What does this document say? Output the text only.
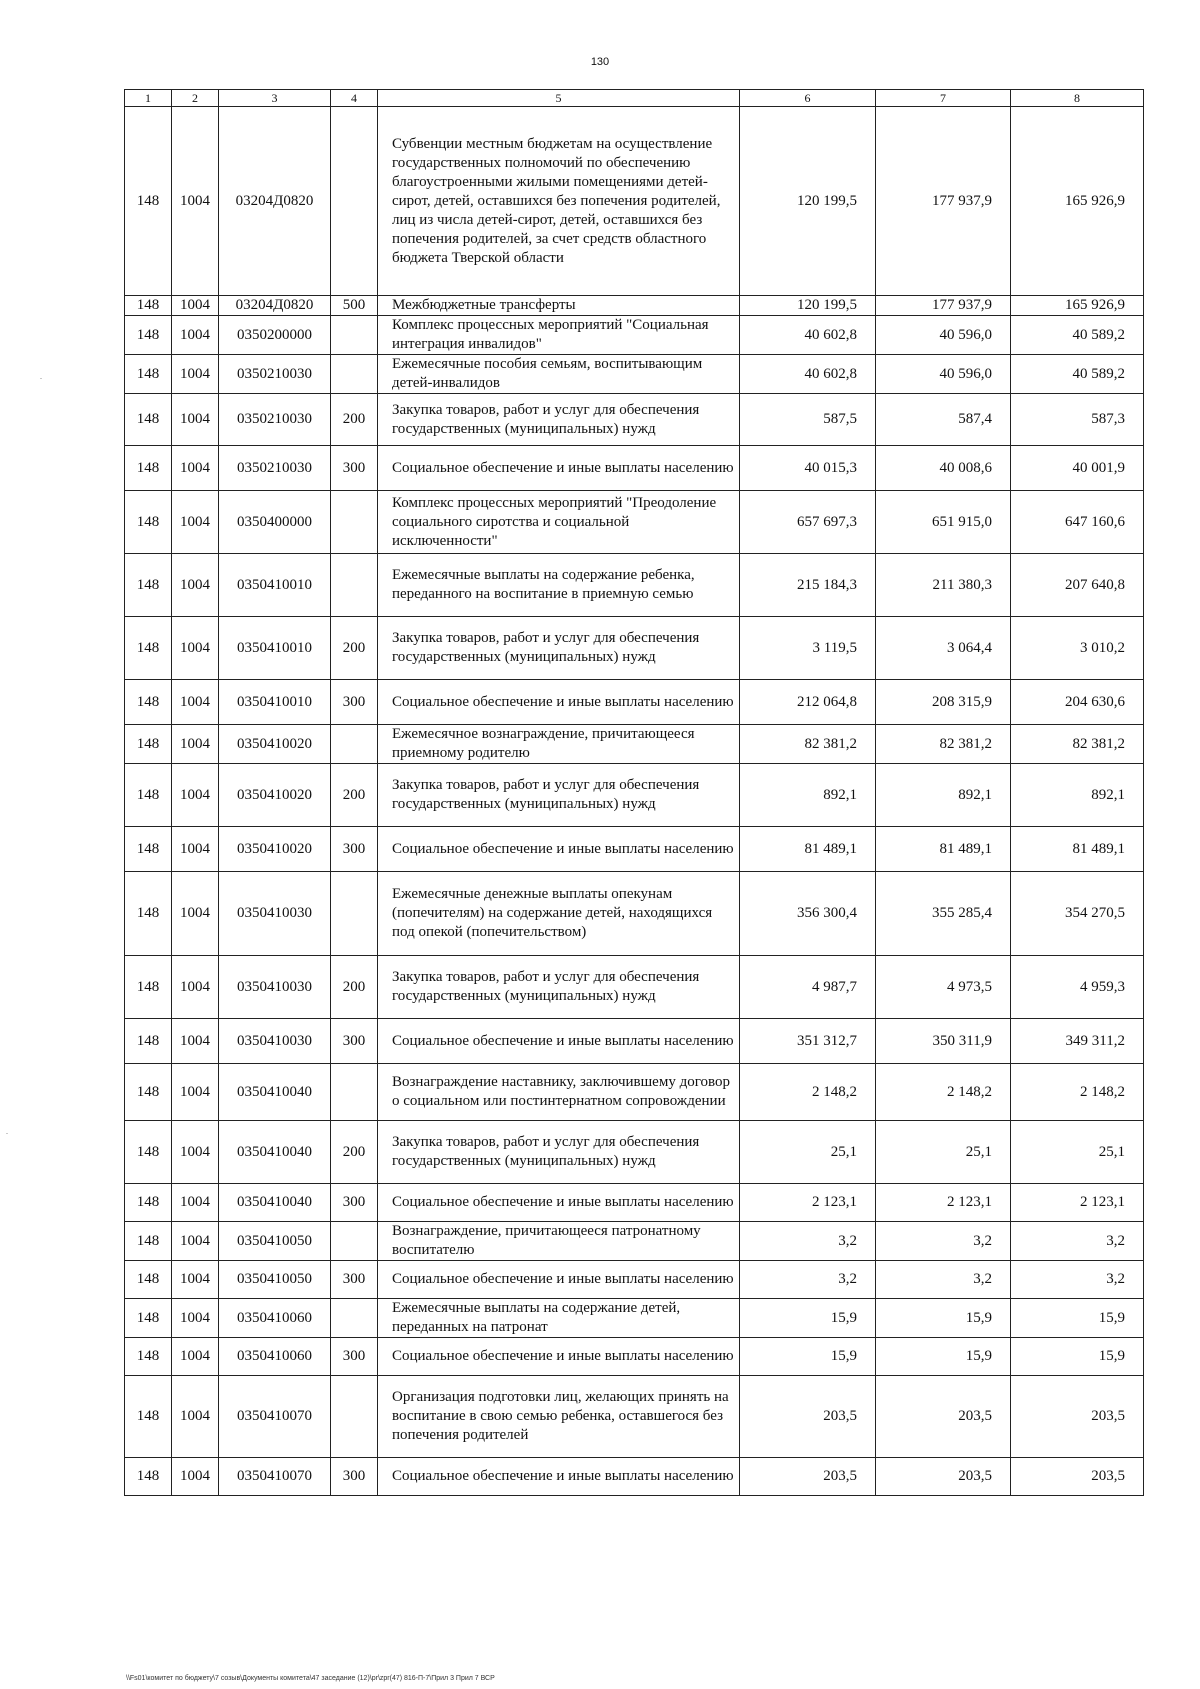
130
1	2	3	4	5	6	7	8
148	1004	03204Д0820		Субвенции местным бюджетам на осуществление государственных полномочий по обеспечению благоустроенными жилыми помещениями детей-сирот, детей, оставшихся без попечения родителей, лиц из числа детей-сирот, детей, оставшихся без попечения родителей, за счет средств областного бюджета Тверской области	120 199,5	177 937,9	165 926,9
148	1004	03204Д0820	500	Межбюджетные трансферты	120 199,5	177 937,9	165 926,9
148	1004	0350200000		Комплекс процессных мероприятий "Социальная интеграция инвалидов"	40 602,8	40 596,0	40 589,2
148	1004	0350210030		Ежемесячные пособия семьям, воспитывающим детей-инвалидов	40 602,8	40 596,0	40 589,2
148	1004	0350210030	200	Закупка товаров, работ и услуг для обеспечения государственных (муниципальных) нужд	587,5	587,4	587,3
148	1004	0350210030	300	Социальное обеспечение и иные выплаты населению	40 015,3	40 008,6	40 001,9
148	1004	0350400000		Комплекс процессных мероприятий "Преодоление социального сиротства и социальной исключенности"	657 697,3	651 915,0	647 160,6
148	1004	0350410010		Ежемесячные выплаты на содержание ребенка, переданного на воспитание в приемную семью	215 184,3	211 380,3	207 640,8
148	1004	0350410010	200	Закупка товаров, работ и услуг для обеспечения государственных (муниципальных) нужд	3 119,5	3 064,4	3 010,2
148	1004	0350410010	300	Социальное обеспечение и иные выплаты населению	212 064,8	208 315,9	204 630,6
148	1004	0350410020		Ежемесячное вознаграждение, причитающееся приемному родителю	82 381,2	82 381,2	82 381,2
148	1004	0350410020	200	Закупка товаров, работ и услуг для обеспечения государственных (муниципальных) нужд	892,1	892,1	892,1
148	1004	0350410020	300	Социальное обеспечение и иные выплаты населению	81 489,1	81 489,1	81 489,1
148	1004	0350410030		Ежемесячные денежные выплаты опекунам (попечителям) на содержание детей, находящихся под опекой (попечительством)	356 300,4	355 285,4	354 270,5
148	1004	0350410030	200	Закупка товаров, работ и услуг для обеспечения государственных (муниципальных) нужд	4 987,7	4 973,5	4 959,3
148	1004	0350410030	300	Социальное обеспечение и иные выплаты населению	351 312,7	350 311,9	349 311,2
148	1004	0350410040		Вознаграждение наставнику, заключившему договор о социальном или постинтернатном сопровождении	2 148,2	2 148,2	2 148,2
148	1004	0350410040	200	Закупка товаров, работ и услуг для обеспечения государственных (муниципальных) нужд	25,1	25,1	25,1
148	1004	0350410040	300	Социальное обеспечение и иные выплаты населению	2 123,1	2 123,1	2 123,1
148	1004	0350410050		Вознаграждение, причитающееся патронатному воспитателю	3,2	3,2	3,2
148	1004	0350410050	300	Социальное обеспечение и иные выплаты населению	3,2	3,2	3,2
148	1004	0350410060		Ежемесячные выплаты на содержание детей, переданных на патронат	15,9	15,9	15,9
148	1004	0350410060	300	Социальное обеспечение и иные выплаты населению	15,9	15,9	15,9
148	1004	0350410070		Организация подготовки лиц, желающих принять на воспитание в свою семью ребенка, оставшегося без попечения родителей	203,5	203,5	203,5
148	1004	0350410070	300	Социальное обеспечение и иные выплаты населению	203,5	203,5	203,5
.
.
\\Fs01\комитет по бюджету\7 созыв\Документы комитета\47 заседание (12)\pr\zpr(47) 816-П-7\Прил 3 Прил 7 ВСР
